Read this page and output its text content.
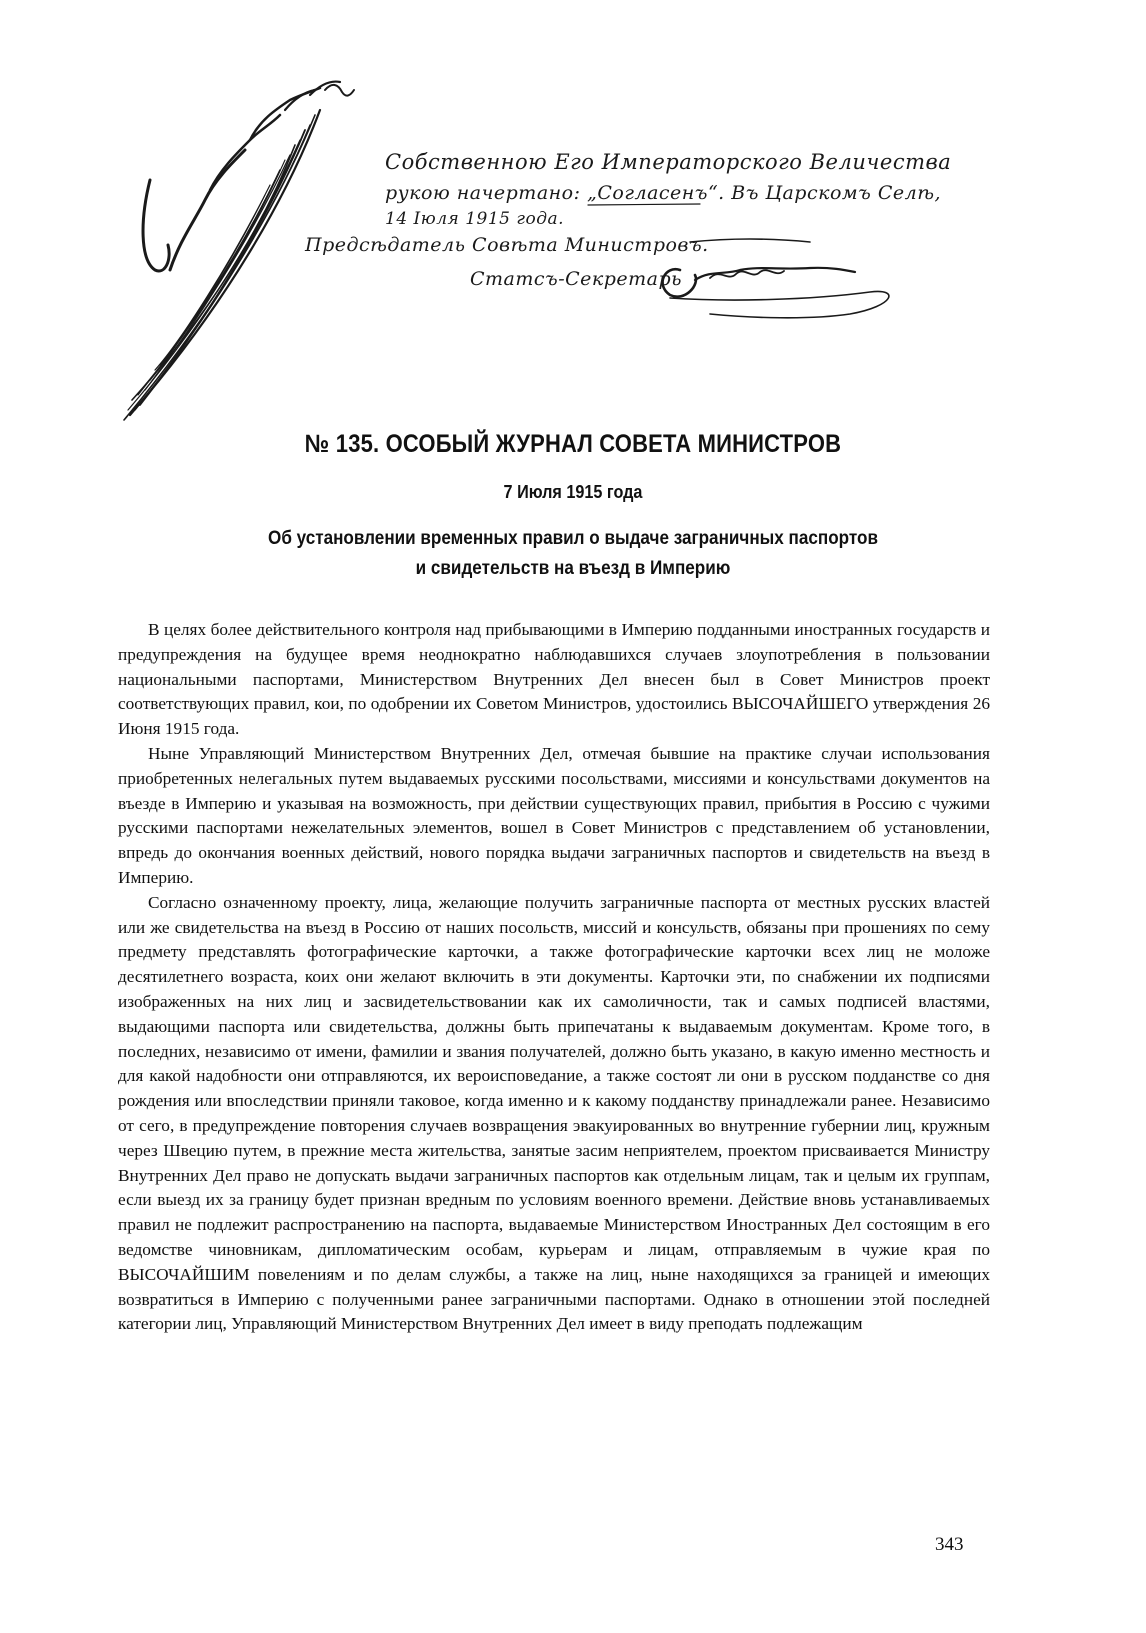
Собственною Его Императорского Величества
рукою начертано: „Согласенъ“. Въ Царскомъ Селѣ,
14 Іюля 1915 года.
Предсѣдатель Совѣта Министровъ.
Статсъ-Секретарь
№ 135. ОСОБЫЙ ЖУРНАЛ СОВЕТА МИНИСТРОВ
7 Июля 1915 года
Об установлении временных правил о выдаче заграничных паспортов
и свидетельств на въезд в Империю

В целях более действительного контроля над прибывающими в Империю подданными иностранных государств и предупреждения на будущее время неоднократно наблюдавшихся случаев злоупотребления в пользовании национальными паспортами, Министерством Внутренних Дел внесен был в Совет Министров проект соответствующих правил, кои, по одобрении их Советом Министров, удостоились ВЫСОЧАЙШЕГО утверждения 26 Июня 1915 года.

Ныне Управляющий Министерством Внутренних Дел, отмечая бывшие на практике случаи использования приобретенных нелегальных путем выдаваемых русскими посольствами, миссиями и консульствами документов на въезде в Империю и указывая на возможность, при действии существующих правил, прибытия в Россию с чужими русскими паспортами нежелательных элементов, вошел в Совет Министров с представлением об установлении, впредь до окончания военных действий, нового порядка выдачи заграничных паспортов и свидетельств на въезд в Империю.

Согласно означенному проекту, лица, желающие получить заграничные паспорта от местных русских властей или же свидетельства на въезд в Россию от наших посольств, миссий и консульств, обязаны при прошениях по сему предмету представлять фотографические карточки, а также фотографические карточки всех лиц не моложе десятилетнего возраста, коих они желают включить в эти документы. Карточки эти, по снабжении их подписями изображенных на них лиц и засвидетельствовании как их самоличности, так и самых подписей властями, выдающими паспорта или свидетельства, должны быть припечатаны к выдаваемым документам. Кроме того, в последних, независимо от имени, фамилии и звания получателей, должно быть указано, в какую именно местность и для какой надобности они отправляются, их вероисповедание, а также состоят ли они в русском подданстве со дня рождения или впоследствии приняли таковое, когда именно и к какому подданству принадлежали ранее. Независимо от сего, в предупреждение повторения случаев возвращения эвакуированных во внутренние губернии лиц, кружным через Швецию путем, в прежние места жительства, занятые засим неприятелем, проектом присваивается Министру Внутренних Дел право не допускать выдачи заграничных паспортов как отдельным лицам, так и целым их группам, если выезд их за границу будет признан вредным по условиям военного времени. Действие вновь устанавливаемых правил не подлежит распространению на паспорта, выдаваемые Министерством Иностранных Дел состоящим в его ведомстве чиновникам, дипломатическим особам, курьерам и лицам, отправляемым в чужие края по ВЫСОЧАЙШИМ повелениям и по делам службы, а также на лиц, ныне находящихся за границей и имеющих возвратиться в Империю с полученными ранее заграничными паспортами. Однако в отношении этой последней категории лиц, Управляющий Министерством Внутренних Дел имеет в виду преподать подлежащим

343
